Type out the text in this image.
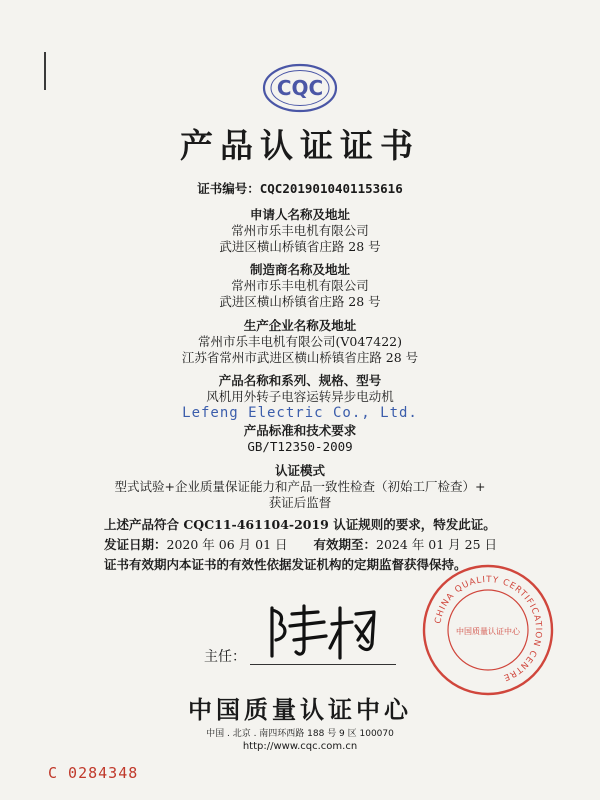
CQC
产品认证证书
证书编号：CQC2019010401153616
申请人名称及地址
常州市乐丰电机有限公司
武进区横山桥镇省庄路 28 号
制造商名称及地址
常州市乐丰电机有限公司
武进区横山桥镇省庄路 28 号
生产企业名称及地址
常州市乐丰电机有限公司(V047422)
江苏省常州市武进区横山桥镇省庄路 28 号
产品名称和系列、规格、型号
风机用外转子电容运转异步电动机
Lefeng Electric Co., Ltd.
产品标准和技术要求
GB/T12350-2009
认证模式
型式试验+企业质量保证能力和产品一致性检查（初始工厂检查）+
获证后监督
上述产品符合 CQC11-461104-2019 认证规则的要求，特发此证。
发证日期：2020 年 06 月 01 日 有效期至：2024 年 01 月 25 日
证书有效期内本证书的有效性依据发证机构的定期监督获得保持。
主任：
CHINA QUALITY CERTIFICATION CENTRE
中国质量认证中心
中国质量认证中心
中国 . 北京 . 南四环西路 188 号 9 区 100070
http://www.cqc.com.cn
C 0284348
